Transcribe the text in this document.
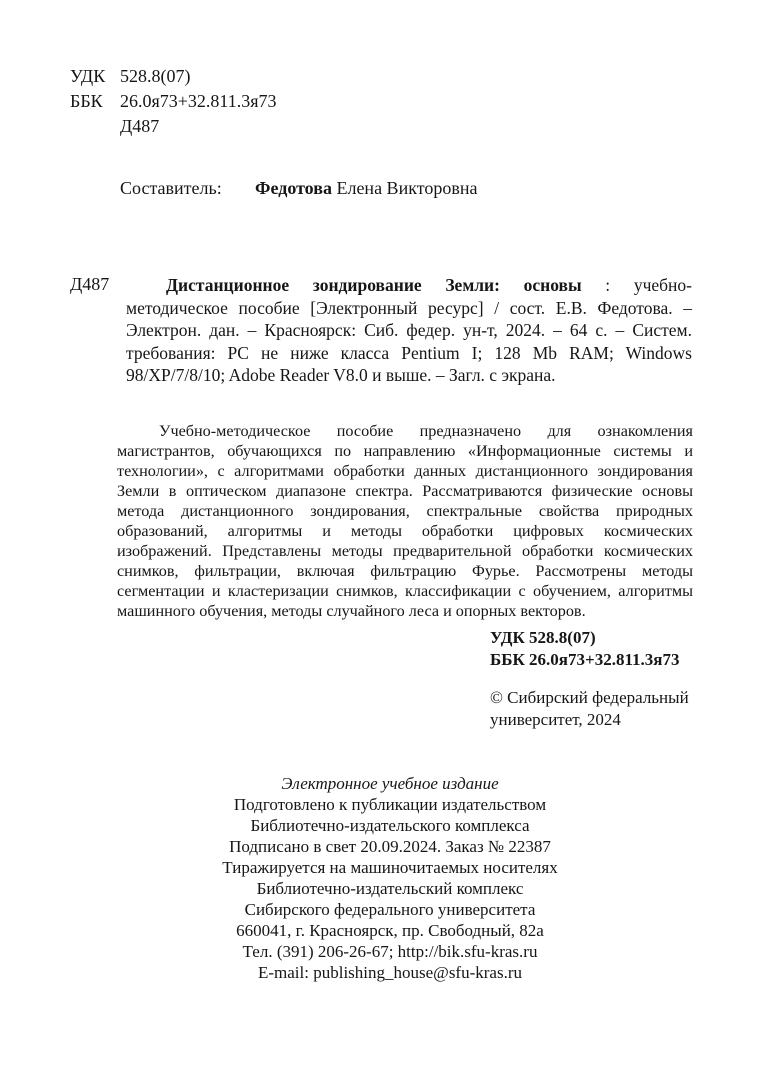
УДК 528.8(07)
ББК 26.0я73+32.811.3я73
Д487
Составитель: Федотова Елена Викторовна
Д487	Дистанционное зондирование Земли: основы : учебно-методическое пособие [Электронный ресурс] / сост. Е.В. Федотова. – Электрон. дан. – Красноярск: Сиб. федер. ун-т, 2024. – 64 с. – Систем. требования: PC не ниже класса Pentium I; 128 Mb RAM; Windows 98/XP/7/8/10; Adobe Reader V8.0 и выше. – Загл. с экрана.

Учебно-методическое пособие предназначено для ознакомления магистрантов, обучающихся по направлению «Информационные системы и технологии», с алгоритмами обработки данных дистанционного зондирования Земли в оптическом диапазоне спектра. Рассматриваются физические основы метода дистанционного зондирования, спектральные свойства природных образований, алгоритмы и методы обработки цифровых космических изображений. Представлены методы предварительной обработки космических снимков, фильтрации, включая фильтрацию Фурье. Рассмотрены методы сегментации и кластеризации снимков, классификации с обучением, алгоритмы машинного обучения, методы случайного леса и опорных векторов.

УДК 528.8(07)
ББК 26.0я73+32.811.3я73
© Сибирский федеральный
университет, 2024
Электронное учебное издание
Подготовлено к публикации издательством
Библиотечно-издательского комплекса
Подписано в свет 20.09.2024. Заказ № 22387
Тиражируется на машиночитаемых носителях
Библиотечно-издательский комплекс
Сибирского федерального университета
660041, г. Красноярск, пр. Свободный, 82а
Тел. (391) 206-26-67; http://bik.sfu-kras.ru
E-mail: publishing_house@sfu-kras.ru
